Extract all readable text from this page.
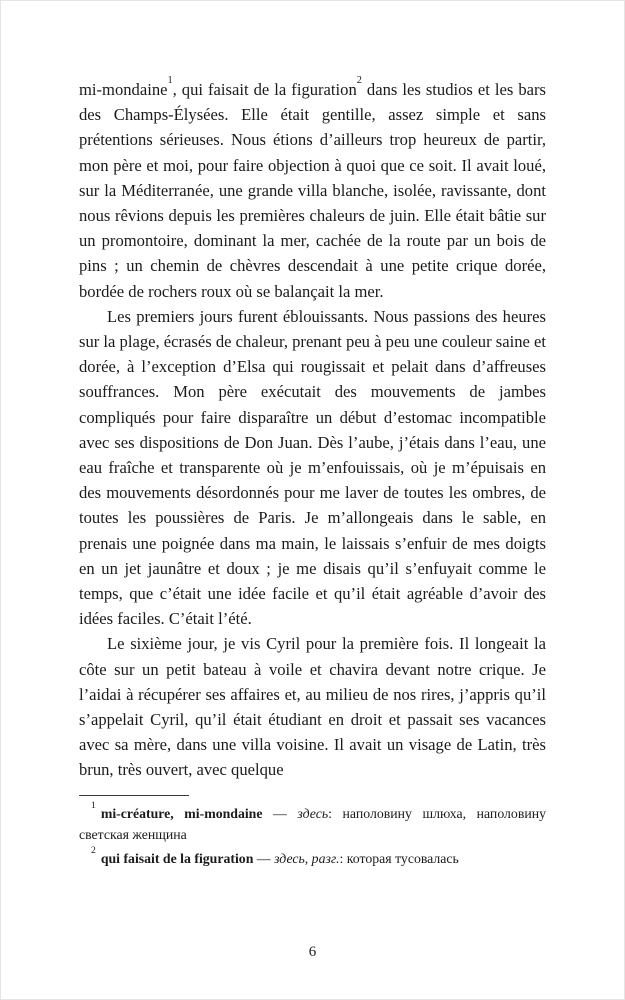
mi-mondaine$^1$, qui faisait de la figuration$^2$ dans les studios et les bars des Champs-Élysées. Elle était gentille, assez simple et sans prétentions sérieuses. Nous étions d’ailleurs trop heureux de partir, mon père et moi, pour faire objection à quoi que ce soit. Il avait loué, sur la Méditerranée, une grande villa blanche, isolée, ravissante, dont nous rêvions depuis les premières chaleurs de juin. Elle était bâtie sur un promontoire, dominant la mer, cachée de la route par un bois de pins ; un chemin de chèvres descendait à une petite crique dorée, bordée de rochers roux où se balançait la mer.

Les premiers jours furent éblouissants. Nous passions des heures sur la plage, écrasés de chaleur, prenant peu à peu une couleur saine et dorée, à l’exception d’Elsa qui rougissait et pelait dans d’affreuses souffrances. Mon père exécutait des mouvements de jambes compliqués pour faire disparaître un début d’estomac incompatible avec ses dispositions de Don Juan. Dès l’aube, j’étais dans l’eau, une eau fraîche et transparente où je m’enfouissais, où je m’épuisais en des mouvements désordonnés pour me laver de toutes les ombres, de toutes les poussières de Paris. Je m’allongeais dans le sable, en prenais une poignée dans ma main, le laissais s’enfuir de mes doigts en un jet jaunâtre et doux ; je me disais qu’il s’enfuyait comme le temps, que c’était une idée facile et qu’il était agréable d’avoir des idées faciles. C’était l’été.

Le sixième jour, je vis Cyril pour la première fois. Il longeait la côte sur un petit bateau à voile et chavira devant notre crique. Je l’aidai à récupérer ses affaires et, au milieu de nos rires, j’appris qu’il s’appelait Cyril, qu’il était étudiant en droit et passait ses vacances avec sa mère, dans une villa voisine. Il avait un visage de Latin, très brun, très ouvert, avec quelque

$^1$mi-créature, mi-mondaine — здесь: наполовину шлюха, наполовину светская женщина

$^2$qui faisait de la figuration — здесь, разг.: которая тусовалась

6
